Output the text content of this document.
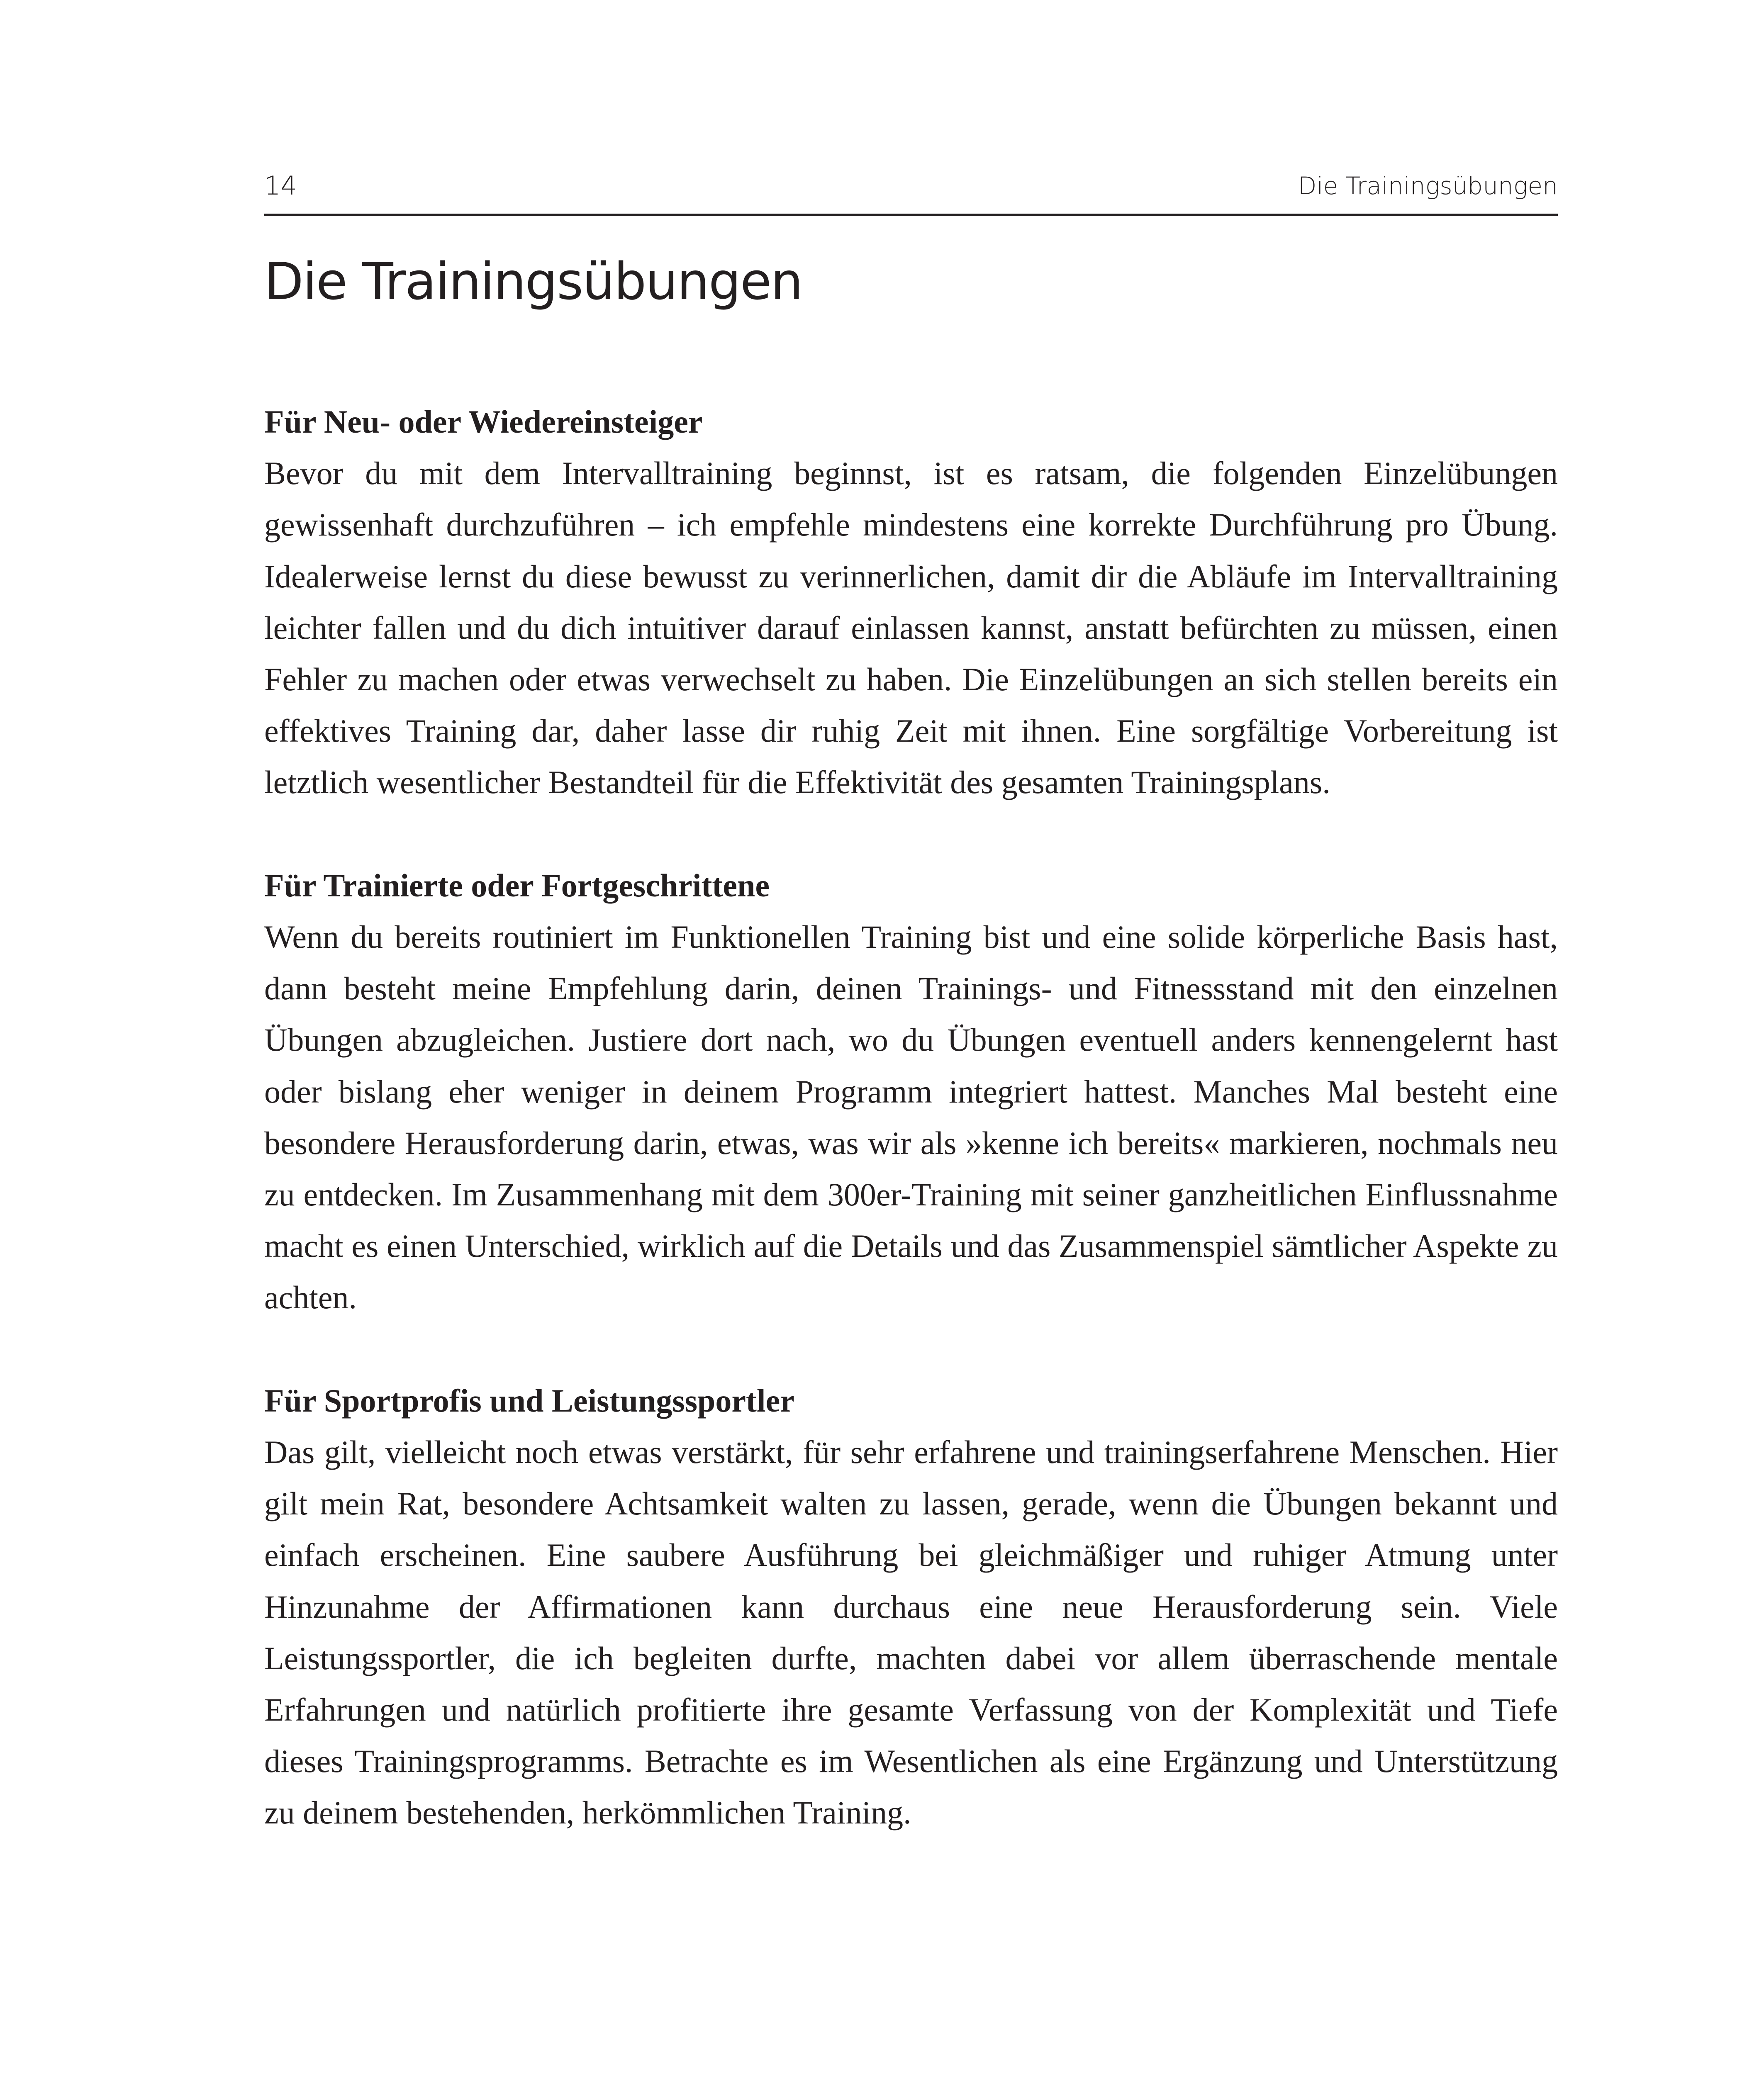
14	Die Trainingsübungen
Die Trainingsübungen
Für Neu- oder Wiedereinsteiger
Bevor du mit dem Intervalltraining beginnst, ist es ratsam, die folgenden Einzelübungen gewissenhaft durchzuführen – ich empfehle mindestens eine korrekte Durchführung pro Übung. Idealerweise lernst du diese bewusst zu verinnerlichen, damit dir die Abläufe im Intervalltraining leichter fallen und du dich intuitiver darauf einlassen kannst, anstatt befürchten zu müssen, einen Fehler zu machen oder etwas verwechselt zu haben. Die Einzelübungen an sich stellen bereits ein effektives Training dar, daher lasse dir ruhig Zeit mit ihnen. Eine sorgfältige Vorbereitung ist letztlich wesentlicher Bestandteil für die Effektivität des gesamten Trainingsplans.
Für Trainierte oder Fortgeschrittene
Wenn du bereits routiniert im Funktionellen Training bist und eine solide körperliche Basis hast, dann besteht meine Empfehlung darin, deinen Trainings- und Fitnessstand mit den einzelnen Übungen abzugleichen. Justiere dort nach, wo du Übungen eventuell anders kennengelernt hast oder bislang eher weniger in deinem Programm integriert hattest. Manches Mal besteht eine besondere Herausforderung darin, etwas, was wir als »kenne ich bereits« markieren, nochmals neu zu entdecken. Im Zusammenhang mit dem 300er-Training mit seiner ganzheitlichen Einflussnahme macht es einen Unterschied, wirklich auf die Details und das Zusammenspiel sämtlicher Aspekte zu achten.
Für Sportprofis und Leistungssportler
Das gilt, vielleicht noch etwas verstärkt, für sehr erfahrene und trainingserfahrene Menschen. Hier gilt mein Rat, besondere Achtsamkeit walten zu lassen, gerade, wenn die Übungen bekannt und einfach erscheinen. Eine saubere Ausführung bei gleichmäßiger und ruhiger Atmung unter Hinzunahme der Affirmationen kann durchaus eine neue Herausforderung sein. Viele Leistungssportler, die ich begleiten durfte, machten dabei vor allem überraschende mentale Erfahrungen und natürlich profitierte ihre gesamte Verfassung von der Komplexität und Tiefe dieses Trainingsprogramms. Betrachte es im Wesentlichen als eine Ergänzung und Unterstützung zu deinem bestehenden, herkömmlichen Training.
